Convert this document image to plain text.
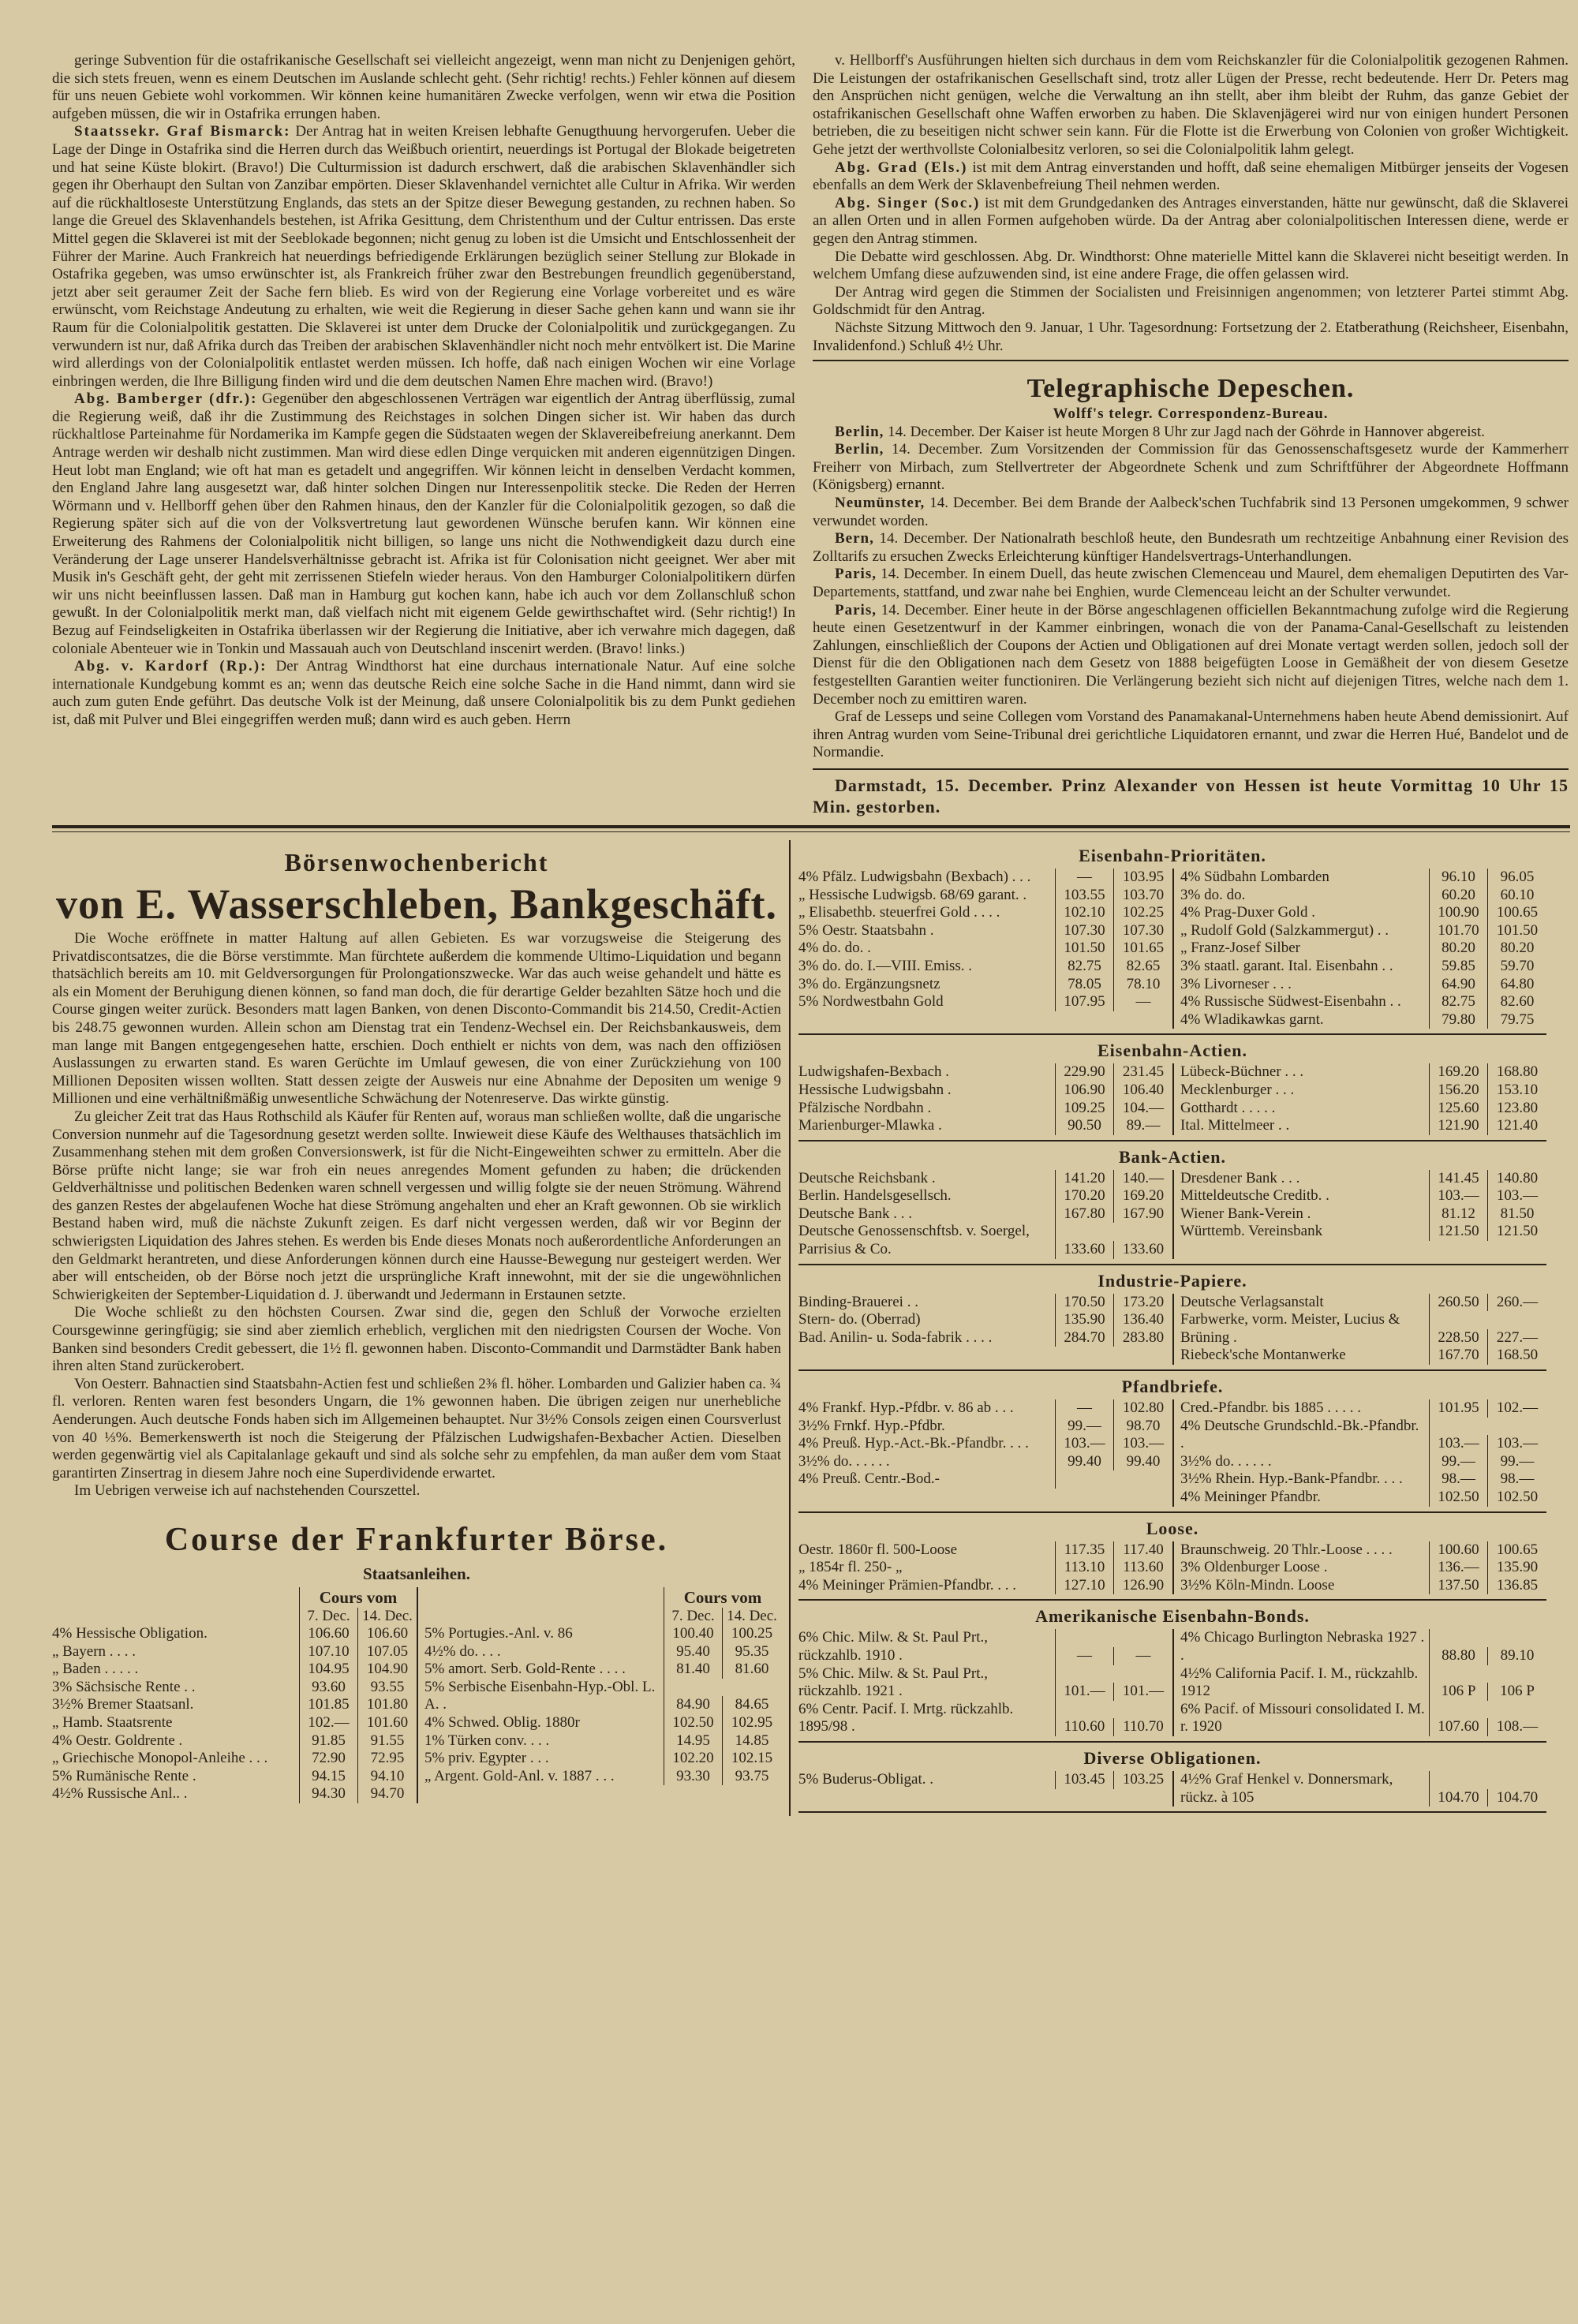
geringe Subvention für die ostafrikanische Gesellschaft sei vielleicht angezeigt, wenn man nicht zu Denjenigen gehört, die sich stets freuen, wenn es einem Deutschen im Auslande schlecht geht. (Sehr richtig! rechts.) Fehler können auf diesem für uns neuen Gebiete wohl vorkommen. Wir können keine humanitären Zwecke verfolgen, wenn wir etwa die Position aufgeben müssen, die wir in Ostafrika errungen haben.

Staatssekr. Graf Bismarck: Der Antrag hat in weiten Kreisen lebhafte Genugthuung hervorgerufen. Ueber die Lage der Dinge in Ostafrika sind die Herren durch das Weißbuch orientirt, neuerdings ist Portugal der Blokade beigetreten und hat seine Küste blokirt. (Bravo!) Die Culturmission ist dadurch erschwert, daß die arabischen Sklavenhändler sich gegen ihr Oberhaupt den Sultan von Zanzibar empörten. Dieser Sklavenhandel vernichtet alle Cultur in Afrika. Wir werden auf die rückhaltloseste Unterstützung Englands, das stets an der Spitze dieser Bewegung gestanden, zu rechnen haben. So lange die Greuel des Sklavenhandels bestehen, ist Afrika Gesittung, dem Christenthum und der Cultur entrissen. Das erste Mittel gegen die Sklaverei ist mit der Seeblokade begonnen; nicht genug zu loben ist die Umsicht und Entschlossenheit der Führer der Marine. Auch Frankreich hat neuerdings befriedigende Erklärungen bezüglich seiner Stellung zur Blokade in Ostafrika gegeben, was umso erwünschter ist, als Frankreich früher zwar den Bestrebungen freundlich gegenüberstand, jetzt aber seit geraumer Zeit der Sache fern blieb. Es wird von der Regierung eine Vorlage vorbereitet und es wäre erwünscht, vom Reichstage Andeutung zu erhalten, wie weit die Regierung in dieser Sache gehen kann und wann sie ihr Raum für die Colonialpolitik gestatten. Die Sklaverei ist unter dem Drucke der Colonialpolitik und zurückgegangen. Zu verwundern ist nur, daß Afrika durch das Treiben der arabischen Sklavenhändler nicht noch mehr entvölkert ist. Die Marine wird allerdings von der Colonialpolitik entlastet werden müssen. Ich hoffe, daß nach einigen Wochen wir eine Vorlage einbringen werden, die Ihre Billigung finden wird und die dem deutschen Namen Ehre machen wird. (Bravo!)

Abg. Bamberger (dfr.): Gegenüber den abgeschlossenen Verträgen war eigentlich der Antrag überflüssig, zumal die Regierung weiß, daß ihr die Zustimmung des Reichstages in solchen Dingen sicher ist. Wir haben das durch rückhaltlose Parteinahme für Nordamerika im Kampfe gegen die Südstaaten wegen der Sklavereibefreiung anerkannt. Dem Antrage werden wir deshalb nicht zustimmen. Man wird diese edlen Dinge verquicken mit anderen eigennützigen Dingen. Heut lobt man England; wie oft hat man es getadelt und angegriffen. Wir können leicht in denselben Verdacht kommen, den England Jahre lang ausgesetzt war, daß hinter solchen Dingen nur Interessenpolitik stecke. Die Reden der Herren Wörmann und v. Hellborff gehen über den Rahmen hinaus, den der Kanzler für die Colonialpolitik gezogen, so daß die Regierung später sich auf die von der Volksvertretung laut gewordenen Wünsche berufen kann. Wir können eine Erweiterung des Rahmens der Colonialpolitik nicht billigen, so lange uns nicht die Nothwendigkeit dazu durch eine Veränderung der Lage unserer Handelsverhältnisse gebracht ist. Afrika ist für Colonisation nicht geeignet. Wer aber mit Musik in's Geschäft geht, der geht mit zerrissenen Stiefeln wieder heraus. Von den Hamburger Colonialpolitikern dürfen wir uns nicht beeinflussen lassen. Daß man in Hamburg gut kochen kann, habe ich auch vor dem Zollanschluß schon gewußt. In der Colonialpolitik merkt man, daß vielfach nicht mit eigenem Gelde gewirthschaftet wird. (Sehr richtig!) In Bezug auf Feindseligkeiten in Ostafrika überlassen wir der Regierung die Initiative, aber ich verwahre mich dagegen, daß coloniale Abenteuer wie in Tonkin und Massauah auch von Deutschland inscenirt werden. (Bravo! links.)

Abg. v. Kardorf (Rp.): Der Antrag Windthorst hat eine durchaus internationale Natur. Auf eine solche internationale Kundgebung kommt es an; wenn das deutsche Reich eine solche Sache in die Hand nimmt, dann wird sie auch zum guten Ende geführt. Das deutsche Volk ist der Meinung, daß unsere Colonialpolitik bis zu dem Punkt gediehen ist, daß mit Pulver und Blei eingegriffen werden muß; dann wird es auch geben. Herrn

v. Hellborff's Ausführungen hielten sich durchaus in dem vom Reichskanzler für die Colonialpolitik gezogenen Rahmen. Die Leistungen der ostafrikanischen Gesellschaft sind, trotz aller Lügen der Presse, recht bedeutende. Herr Dr. Peters mag den Ansprüchen nicht genügen, welche die Verwaltung an ihn stellt, aber ihm bleibt der Ruhm, das ganze Gebiet der ostafrikanischen Gesellschaft ohne Waffen erworben zu haben. Die Sklavenjägerei wird nur von einigen hundert Personen betrieben, die zu beseitigen nicht schwer sein kann. Für die Flotte ist die Erwerbung von Colonien von großer Wichtigkeit. Gehe jetzt der werthvollste Colonialbesitz verloren, so sei die Colonialpolitik lahm gelegt.

Abg. Grad (Els.) ist mit dem Antrag einverstanden und hofft, daß seine ehemaligen Mitbürger jenseits der Vogesen ebenfalls an dem Werk der Sklavenbefreiung Theil nehmen werden.

Abg. Singer (Soc.) ist mit dem Grundgedanken des Antrages einverstanden, hätte nur gewünscht, daß die Sklaverei an allen Orten und in allen Formen aufgehoben würde. Da der Antrag aber colonialpolitischen Interessen diene, werde er gegen den Antrag stimmen.

Die Debatte wird geschlossen. Abg. Dr. Windthorst: Ohne materielle Mittel kann die Sklaverei nicht beseitigt werden. In welchem Umfang diese aufzuwenden sind, ist eine andere Frage, die offen gelassen wird.

Der Antrag wird gegen die Stimmen der Socialisten und Freisinnigen angenommen; von letzterer Partei stimmt Abg. Goldschmidt für den Antrag.

Nächste Sitzung Mittwoch den 9. Januar, 1 Uhr. Tagesordnung: Fortsetzung der 2. Etatberathung (Reichsheer, Eisenbahn, Invalidenfond.) Schluß 4½ Uhr.

Telegraphische Depeschen.
Wolff's telegr. Correspondenz-Bureau.

Berlin, 14. December. Der Kaiser ist heute Morgen 8 Uhr zur Jagd nach der Göhrde in Hannover abgereist.

Berlin, 14. December. Zum Vorsitzenden der Commission für das Genossenschaftsgesetz wurde der Kammerherr Freiherr von Mirbach, zum Stellvertreter der Abgeordnete Schenk und zum Schriftführer der Abgeordnete Hoffmann (Königsberg) ernannt.

Neumünster, 14. December. Bei dem Brande der Aalbeck'schen Tuchfabrik sind 13 Personen umgekommen, 9 schwer verwundet worden.

Bern, 14. December. Der Nationalrath beschloß heute, den Bundesrath um rechtzeitige Anbahnung einer Revision des Zolltarifs zu ersuchen Zwecks Erleichterung künftiger Handelsvertrags-Unterhandlungen.

Paris, 14. December. In einem Duell, das heute zwischen Clemenceau und Maurel, dem ehemaligen Deputirten des Var-Departements, stattfand, und zwar nahe bei Enghien, wurde Clemenceau leicht an der Schulter verwundet.

Paris, 14. December. Einer heute in der Börse angeschlagenen officiellen Bekanntmachung zufolge wird die Regierung heute einen Gesetzentwurf in der Kammer einbringen, wonach die von der Panama-Canal-Gesellschaft zu leistenden Zahlungen, einschließlich der Coupons der Actien und Obligationen auf drei Monate vertagt werden sollen, jedoch soll der Dienst für die den Obligationen nach dem Gesetz von 1888 beigefügten Loose in Gemäßheit der von diesem Gesetze festgestellten Garantien weiter functioniren. Die Verlängerung bezieht sich nicht auf diejenigen Titres, welche nach dem 1. December noch zu emittiren waren.

Graf de Lesseps und seine Collegen vom Vorstand des Panamakanal-Unternehmens haben heute Abend demissionirt. Auf ihren Antrag wurden vom Seine-Tribunal drei gerichtliche Liquidatoren ernannt, und zwar die Herren Hué, Bandelot und de Normandie.

Darmstadt, 15. December. Prinz Alexander von Hessen ist heute Vormittag 10 Uhr 15 Min. gestorben.

Börsenwochenbericht
von E. Wasserschleben, Bankgeschäft.

Die Woche eröffnete in matter Haltung auf allen Gebieten. Es war vorzugsweise die Steigerung des Privatdiscontsatzes, die die Börse verstimmte. Man fürchtete außerdem die kommende Ultimo-Liquidation und begann thatsächlich bereits am 10. mit Geldversorgungen für Prolongationszwecke. War das auch weise gehandelt und hätte es als ein Moment der Beruhigung dienen können, so fand man doch, die für derartige Gelder bezahlten Sätze hoch und die Course gingen weiter zurück. Besonders matt lagen Banken, von denen Disconto-Commandit bis 214.50, Credit-Actien bis 248.75 gewonnen wurden. Allein schon am Dienstag trat ein Tendenz-Wechsel ein. Der Reichsbankausweis, dem man lange mit Bangen entgegengesehen hatte, erschien. Doch enthielt er nichts von dem, was nach den offiziösen Auslassungen zu erwarten stand. Es waren Gerüchte im Umlauf gewesen, die von einer Zurückziehung von 100 Millionen Depositen wissen wollten. Statt dessen zeigte der Ausweis nur eine Abnahme der Depositen um wenige 9 Millionen und eine verhältnißmäßig unwesentliche Schwächung der Notenreserve. Das wirkte günstig.

Zu gleicher Zeit trat das Haus Rothschild als Käufer für Renten auf, woraus man schließen wollte, daß die ungarische Conversion nunmehr auf die Tagesordnung gesetzt werden sollte. Inwieweit diese Käufe des Welthauses thatsächlich im Zusammenhang stehen mit dem großen Conversionswerk, ist für die Nicht-Eingeweihten schwer zu ermitteln. Aber die Börse prüfte nicht lange; sie war froh ein neues anregendes Moment gefunden zu haben; die drückenden Geldverhältnisse und politischen Bedenken waren schnell vergessen und willig folgte sie der neuen Strömung. Während des ganzen Restes der abgelaufenen Woche hat diese Strömung angehalten und eher an Kraft gewonnen. Ob sie wirklich Bestand haben wird, muß die nächste Zukunft zeigen. Es darf nicht vergessen werden, daß wir vor Beginn der schwierigsten Liquidation des Jahres stehen. Es werden bis Ende dieses Monats noch außerordentliche Anforderungen an den Geldmarkt herantreten, und diese Anforderungen können durch eine Hausse-Bewegung nur gesteigert werden. Wer aber will entscheiden, ob der Börse noch jetzt die ursprüngliche Kraft innewohnt, mit der sie die ungewöhnlichen Schwierigkeiten der September-Liquidation d. J. überwandt und Jedermann in Erstaunen setzte.

Die Woche schließt zu den höchsten Coursen. Zwar sind die, gegen den Schluß der Vorwoche erzielten Coursgewinne geringfügig; sie sind aber ziemlich erheblich, verglichen mit den niedrigsten Coursen der Woche. Von Banken sind besonders Credit gebessert, die 1½ fl. gewonnen haben. Disconto-Commandit und Darmstädter Bank haben ihren alten Stand zurückerobert.

Von Oesterr. Bahnactien sind Staatsbahn-Actien fest und schließen 2⅜ fl. höher. Lombarden und Galizier haben ca. ¾ fl. verloren. Renten waren fest besonders Ungarn, die 1% gewonnen haben. Die übrigen zeigen nur unerhebliche Aenderungen. Auch deutsche Fonds haben sich im Allgemeinen behauptet. Nur 3½% Consols zeigen einen Coursverlust von 40 ⅓%. Bemerkenswerth ist noch die Steigerung der Pfälzischen Ludwigshafen-Bexbacher Actien. Dieselben werden gegenwärtig viel als Capitalanlage gekauft und sind als solche sehr zu empfehlen, da man außer dem vom Staat garantirten Zinsertrag in diesem Jahre noch eine Superdividende erwartet.

Im Uebrigen verweise ich auf nachstehenden Courszettel.

Course der Frankfurter Börse.
Staatsanleihen.
Cours vom
7. Dec. 14. Dec.
4% Hessische Obligation.	106.60	106.60
„ Bayern . . . .	107.10	107.05
„ Baden . . . . .	104.95	104.90
3% Sächsische Rente . .	93.60	93.55
3½% Bremer Staatsanl.	101.85	101.80
„ Hamb. Staatsrente	102.—	101.60
4% Oestr. Goldrente .	91.85	91.55
„ Griechische Monopol-Anleihe . . .	72.90	72.95
5% Rumänische Rente .	94.15	94.10
4½% Russische Anl.. .	94.30	94.70
Cours vom
7. Dec. 14. Dec.
5% Portugies.-Anl. v. 86	100.40	100.25
4½% do. . . .	95.40	95.35
5% amort. Serb. Gold-Rente . . . .	81.40	81.60
5% Serbische Eisenbahn-Hyp.-Obl. L. A. .	84.90	84.65
4% Schwed. Oblig. 1880r	102.50	102.95
1% Türken conv. . . .	14.95	14.85
5% priv. Egypter . . .	102.20	102.15
„ Argent. Gold-Anl. v. 1887 . . .	93.30	93.75
Eisenbahn-Prioritäten.
4% Pfälz. Ludwigsbahn (Bexbach) . . .	—	103.95
„ Hessische Ludwigsb. 68/69 garant. .	103.55	103.70
„ Elisabethb. steuerfrei Gold . . . .	102.10	102.25
5% Oestr. Staatsbahn .	107.30	107.30
4% do. do. .	101.50	101.65
3% do. do. I.—VIII. Emiss. .	82.75	82.65
3% do. Ergänzungsnetz	78.05	78.10
5% Nordwestbahn Gold	107.95	—
4% Südbahn Lombarden	96.10	96.05
3% do. do.	60.20	60.10
4% Prag-Duxer Gold .	100.90	100.65
„ Rudolf Gold (Salzkammergut) . .	101.70	101.50
„ Franz-Josef Silber	80.20	80.20
3% staatl. garant. Ital. Eisenbahn . .	59.85	59.70
3% Livorneser . . .	64.90	64.80
4% Russische Südwest-Eisenbahn . .	82.75	82.60
4% Wladikawkas garnt.	79.80	79.75
Eisenbahn-Actien.
Ludwigshafen-Bexbach .	229.90	231.45
Hessische Ludwigsbahn .	106.90	106.40
Pfälzische Nordbahn .	109.25	104.—
Marienburger-Mlawka .	90.50	89.—
Lübeck-Büchner . . .	169.20	168.80
Mecklenburger . . .	156.20	153.10
Gotthardt . . . . .	125.60	123.80
Ital. Mittelmeer . .	121.90	121.40
Bank-Actien.
Deutsche Reichsbank .	141.20	140.—
Berlin. Handelsgesellsch.	170.20	169.20
Deutsche Bank . . .	167.80	167.90
Deutsche Genossenschftsb. v. Soergel, Parrisius & Co.	133.60	133.60
Dresdener Bank . . .	141.45	140.80
Mitteldeutsche Creditb. .	103.—	103.—
Wiener Bank-Verein .	81.12	81.50
Württemb. Vereinsbank	121.50	121.50
Industrie-Papiere.
Binding-Brauerei . .	170.50	173.20
Stern- do. (Oberrad)	135.90	136.40
Bad. Anilin- u. Soda-fabrik . . . .	284.70	283.80
Deutsche Verlagsanstalt	260.50	260.—
Farbwerke, vorm. Meister, Lucius & Brüning .	228.50	227.—
Riebeck'sche Montanwerke	167.70	168.50
Pfandbriefe.
4% Frankf. Hyp.-Pfdbr. v. 86 ab . . .	—	102.80
3½% Frnkf. Hyp.-Pfdbr.	99.—	98.70
4% Preuß. Hyp.-Act.-Bk.-Pfandbr. . . .	103.—	103.—
3½% do. . . . . .	99.40	99.40
4% Preuß. Centr.-Bod.-
Cred.-Pfandbr. bis 1885 . . . . .	101.95	102.—
4% Deutsche Grundschld.-Bk.-Pfandbr. .	103.—	103.—
3½% do. . . . . .	99.—	99.—
3½% Rhein. Hyp.-Bank-Pfandbr. . . .	98.—	98.—
4% Meininger Pfandbr.	102.50	102.50
Loose.
Oestr. 1860r fl. 500-Loose	117.35	117.40
„ 1854r fl. 250- „	113.10	113.60
4% Meininger Prämien-Pfandbr. . . .	127.10	126.90
Braunschweig. 20 Thlr.-Loose . . . .	100.60	100.65
3% Oldenburger Loose .	136.—	135.90
3½% Köln-Mindn. Loose	137.50	136.85
Amerikanische Eisenbahn-Bonds.
6% Chic. Milw. & St. Paul Prt., rückzahlb. 1910 .	—	—
5% Chic. Milw. & St. Paul Prt., rückzahlb. 1921 .	101.—	101.—
6% Centr. Pacif. I. Mrtg. rückzahlb. 1895/98 .	110.60	110.70
4% Chicago Burlington Nebraska 1927 . .	88.80	89.10
4½% California Pacif. I. M., rückzahlb. 1912	106 P	106 P
6% Pacif. of Missouri consolidated I. M. r. 1920	107.60	108.—
Diverse Obligationen.
5% Buderus-Obligat. .	103.45	103.25	4½% Graf Henkel v. Donnersmark, rückz. à 105	104.70	104.70
